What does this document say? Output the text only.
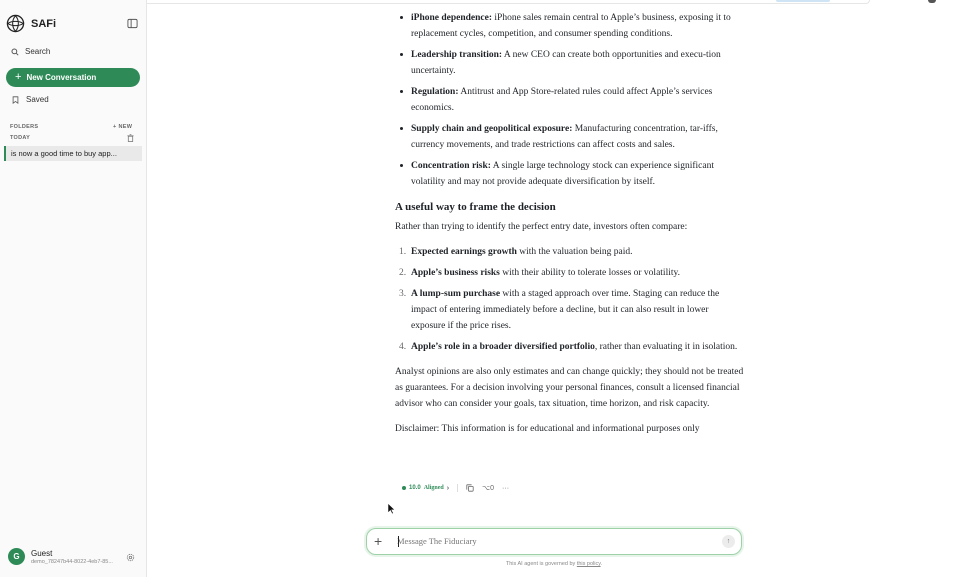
SAFi
Search
+ New Conversation
Saved
FOLDERS	+ NEW
TODAY
is now a good time to buy app...
G	Guest
demo_78247b44-8022-4eb7-85...
iPhone dependence: iPhone sales remain central to Apple’s business, exposing it to replacement cycles, competition, and consumer spending conditions.
Leadership transition: A new CEO can create both opportunities and execu-tion uncertainty.
Regulation: Antitrust and App Store-related rules could affect Apple’s services economics.
Supply chain and geopolitical exposure: Manufacturing concentration, tar-iffs, currency movements, and trade restrictions can affect costs and sales.
Concentration risk: A single large technology stock can experience significant volatility and may not provide adequate diversification by itself.
A useful way to frame the decision

Rather than trying to identify the perfect entry date, investors often compare:

1. Expected earnings growth with the valuation being paid.
2. Apple’s business risks with their ability to tolerate losses or volatility.
3. A lump-sum purchase with a staged approach over time. Staging can reduce the impact of entering immediately before a decline, but it can also result in lower exposure if the price rises.
4. Apple’s role in a broader diversified portfolio, rather than evaluating it in isolation.

Analyst opinions are also only estimates and can change quickly; they should not be treated as guarantees. For a decision involving your personal finances, consult a licensed financial advisor who can consider your goals, tax situation, time horizon, and risk capacity.

Disclaimer: This information is for educational and informational purposes only

10.0 Aligned ›	⌥0 ···
+
Message The Fiduciary	↑
This AI agent is governed by this policy.
